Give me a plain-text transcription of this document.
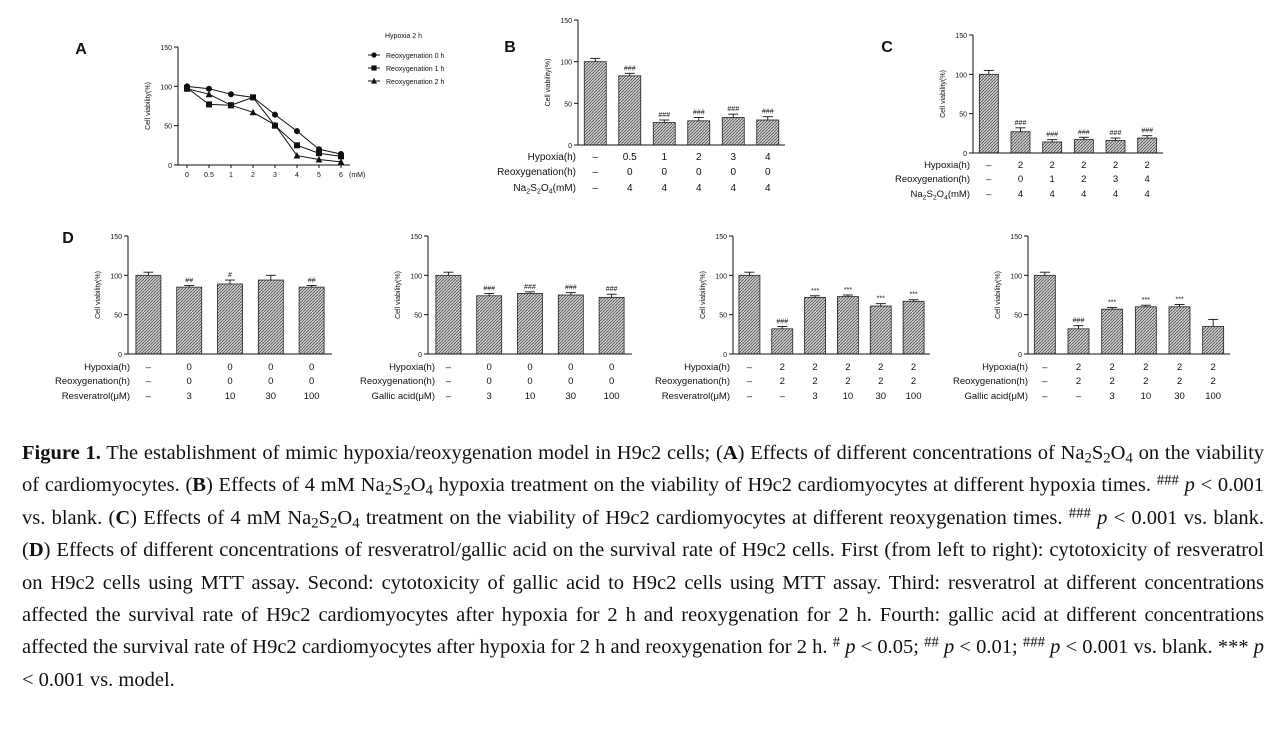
A
0
50
100
150
Cell viability(%)
0 0.5 1	2	3	4	5	6 (mM)
Hypoxia 2 h
Reoxygenation 0 h
Reoxygenation 1 h
Reoxygenation 2 h
B
0
50
100
150
Cell viability(%)	###
###	###	###	###
Hypoxia(h) – 0.5 1	2	3	4
Reoxygenation(h) –	0	0	0	0	0
$Na_2S_2O_4(mM)$ –	4	4	4	4	4
C
0
50
100
150
Cell viability(%)
###
###	###	###	###
Hypoxia(h) –	2	2	2	2	2
Reoxygenation(h) –	0	1	2	3	4
$Na_2S_2O_4(mM)$ –	4	4	4	4	4
D
0
50
100
150
Cell viability(%)	##
#
##
Hypoxia(h) –	0	0	0	0
Reoxygenation(h) –	0	0	0	0
Resveratrol(μM) –	3	10	30	100
0
50
100
150
Cell viability(%)	###	###	###	###
Hypoxia(h) –	0	0	0	0
Reoxygenation(h) –	0	0	0	0
Gallic acid(μM) –	3	10	30	100
0
50
100
150
Cell viability(%)
###
***	***
***
***
Hypoxia(h) –	2	2	2	2	2
Reoxygenation(h) –	2	2	2	2	2
Resveratrol(μM) –	–	3	10 30 100
0
50
100
150
Cell viability(%)
###
***	***	***
Hypoxia(h) –	2	2	2	2	2
Reoxygenation(h) –	2	2	2	2	2
Gallic acid(μM) –	–	3	10 30 100
Figure 1. The establishment of mimic hypoxia/reoxygenation model in H9c2 cells; (A) Effects of different concentrations of $Na_2S_2O_4$ on the viability of cardiomyocytes. (B) Effects of 4 mM $Na_2S_2O_4$ hypoxia treatment on the viability of H9c2 cardiomyocytes at different hypoxia times. ### p < 0.001 vs. blank. (C) Effects of 4 mM $Na_2S_2O_4$ treatment on the viability of H9c2 cardiomyocytes at different reoxygenation times. ### p < 0.001 vs. blank. (D) Effects of different concentrations of resveratrol/gallic acid on the survival rate of H9c2 cells. First (from left to right): cytotoxicity of resveratrol on H9c2 cells using MTT assay. Second: cytotoxicity of gallic acid to H9c2 cells using MTT assay. Third: resveratrol at different concentrations affected the survival rate of H9c2 cardiomyocytes after hypoxia for 2 h and reoxygenation for 2 h. Fourth: gallic acid at different concentrations affected the survival rate of H9c2 cardiomyocytes after hypoxia for 2 h and reoxygenation for 2 h. # p < 0.05; ## p < 0.01; ### p < 0.001 vs. blank. *** p < 0.001 vs. model.
